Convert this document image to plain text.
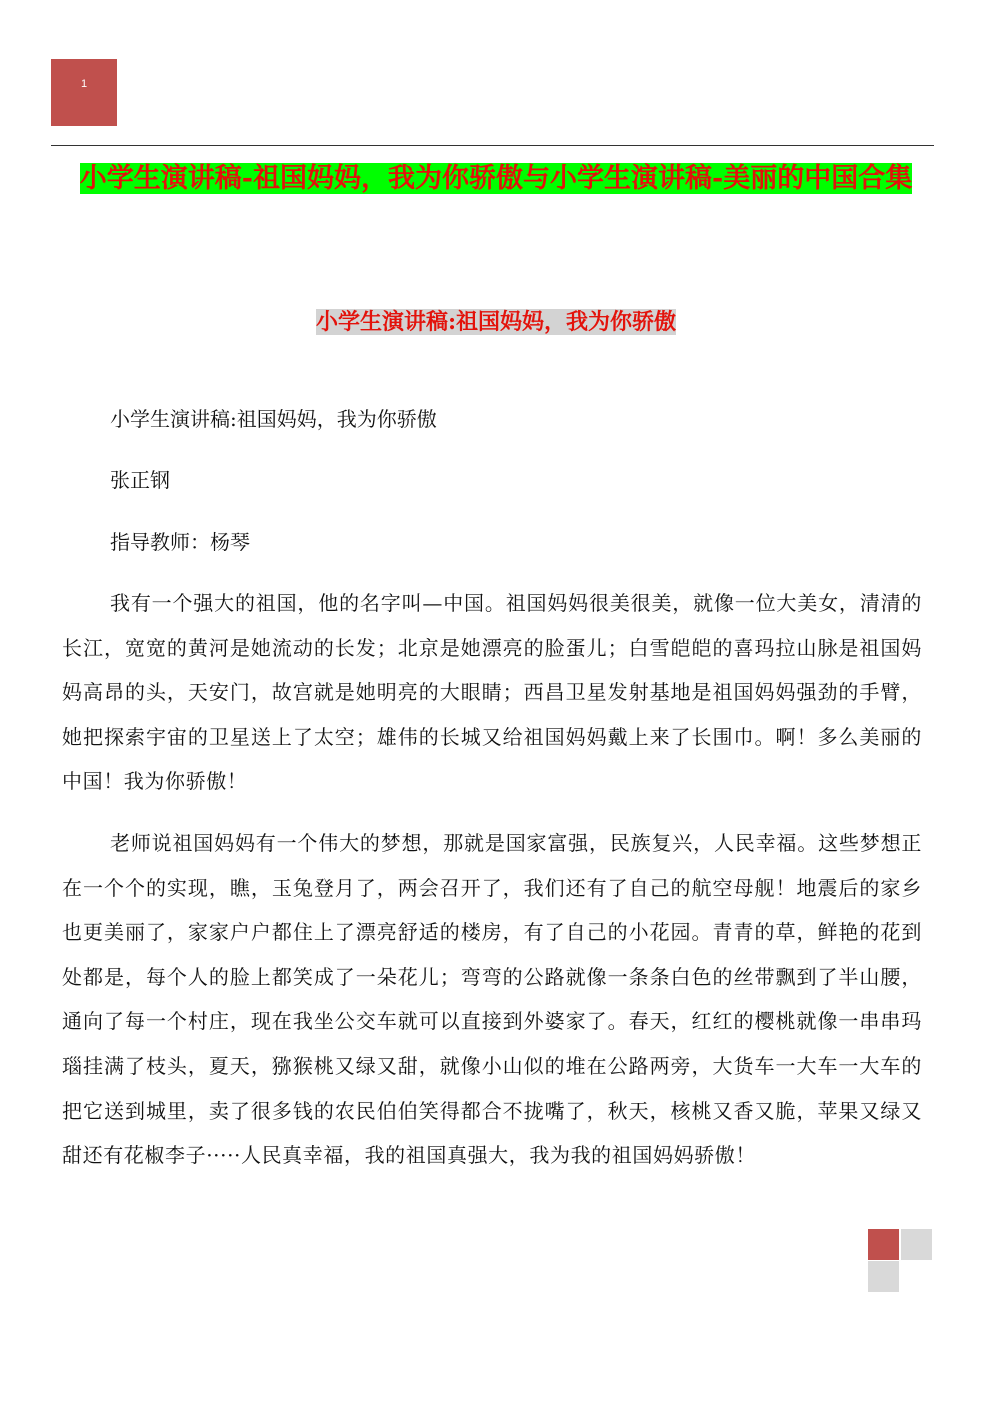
1
小学生演讲稿-祖国妈妈，我为你骄傲与小学生演讲稿-美丽的中国合集
小学生演讲稿:祖国妈妈，我为你骄傲

小学生演讲稿:祖国妈妈，我为你骄傲

张正钢

指导教师：杨琴

我有一个强大的祖国，他的名字叫—中国。祖国妈妈很美很美，就像一位大美女，清清的长江，宽宽的黄河是她流动的长发；北京是她漂亮的脸蛋儿；白雪皑皑的喜玛拉山脉是祖国妈妈高昂的头，天安门，故宫就是她明亮的大眼睛；西昌卫星发射基地是祖国妈妈强劲的手臂，她把探索宇宙的卫星送上了太空；雄伟的长城又给祖国妈妈戴上来了长围巾。啊！多么美丽的中国！我为你骄傲！

老师说祖国妈妈有一个伟大的梦想，那就是国家富强，民族复兴，人民幸福。这些梦想正在一个个的实现，瞧，玉兔登月了，两会召开了，我们还有了自己的航空母舰！地震后的家乡也更美丽了，家家户户都住上了漂亮舒适的楼房，有了自己的小花园。青青的草，鲜艳的花到处都是，每个人的脸上都笑成了一朵花儿；弯弯的公路就像一条条白色的丝带飘到了半山腰，通向了每一个村庄，现在我坐公交车就可以直接到外婆家了。春天，红红的樱桃就像一串串玛瑙挂满了枝头，夏天，猕猴桃又绿又甜，就像小山似的堆在公路两旁，大货车一大车一大车的把它送到城里，卖了很多钱的农民伯伯笑得都合不拢嘴了，秋天，核桃又香又脆，苹果又绿又甜还有花椒李子·····人民真幸福，我的祖国真强大，我为我的祖国妈妈骄傲！
